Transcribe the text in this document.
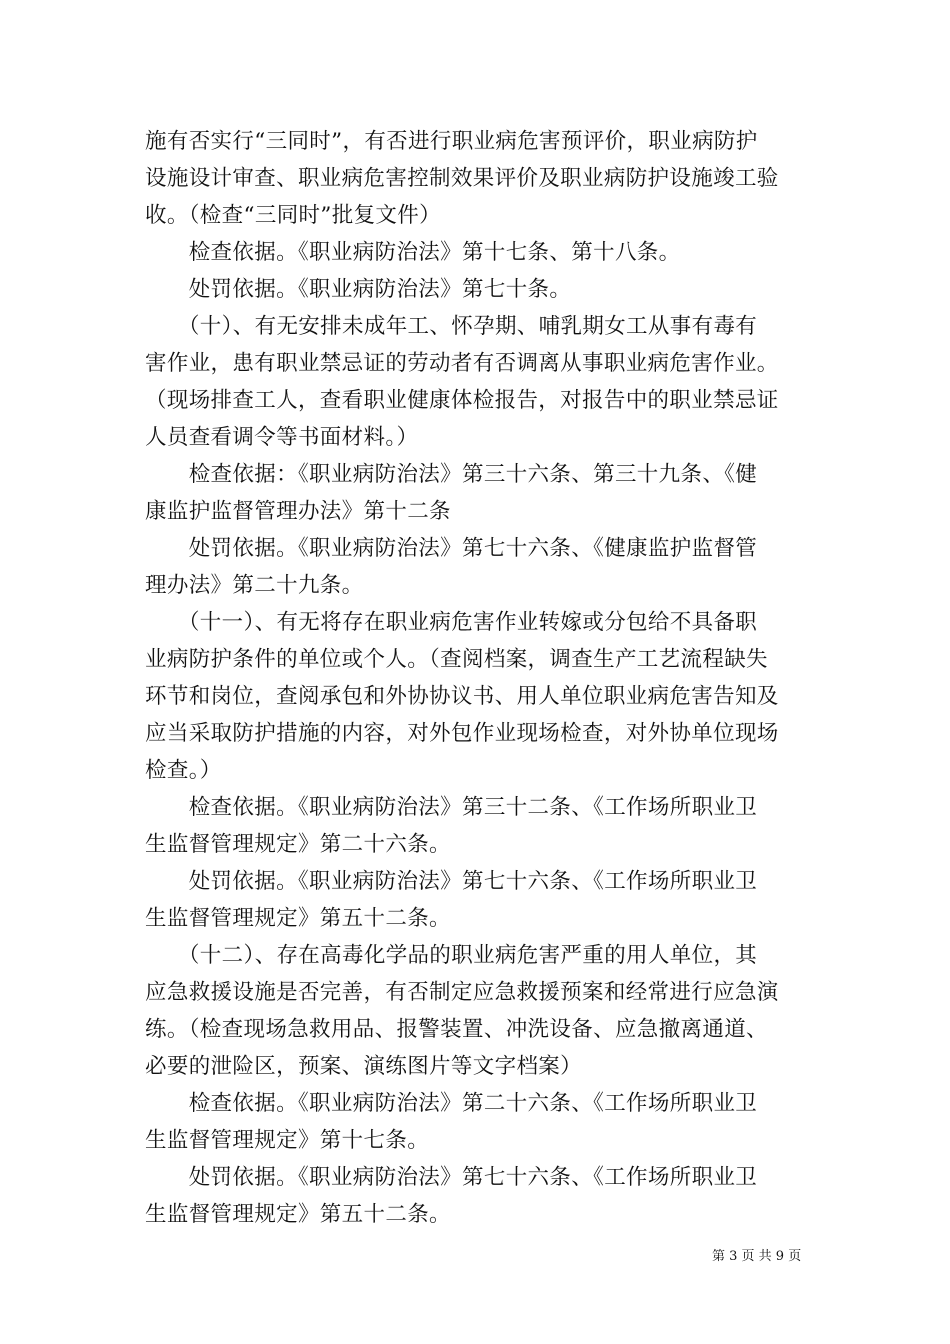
施有否实行“三同时”，有否进行职业病危害预评价，职业病防护
设施设计审查、职业病危害控制效果评价及职业病防护设施竣工验
收。（检查“三同时”批复文件）
　　检查依据。《职业病防治法》第十七条、第十八条。
　　处罚依据。《职业病防治法》第七十条。
　　（十）、有无安排未成年工、怀孕期、哺乳期女工从事有毒有
害作业，患有职业禁忌证的劳动者有否调离从事职业病危害作业。
（现场排查工人，查看职业健康体检报告，对报告中的职业禁忌证
人员查看调令等书面材料。）
　　检查依据：《职业病防治法》第三十六条、第三十九条、《健
康监护监督管理办法》第十二条
　　处罚依据。《职业病防治法》第七十六条、《健康监护监督管
理办法》第二十九条。
　　（十一）、有无将存在职业病危害作业转嫁或分包给不具备职
业病防护条件的单位或个人。（查阅档案，调查生产工艺流程缺失
环节和岗位，查阅承包和外协协议书、用人单位职业病危害告知及
应当采取防护措施的内容，对外包作业现场检查，对外协单位现场
检查。）
　　检查依据。《职业病防治法》第三十二条、《工作场所职业卫
生监督管理规定》第二十六条。
　　处罚依据。《职业病防治法》第七十六条、《工作场所职业卫
生监督管理规定》第五十二条。
　　（十二）、存在高毒化学品的职业病危害严重的用人单位，其
应急救援设施是否完善，有否制定应急救援预案和经常进行应急演
练。（检查现场急救用品、报警装置、冲洗设备、应急撤离通道、
必要的泄险区，预案、演练图片等文字档案）
　　检查依据。《职业病防治法》第二十六条、《工作场所职业卫
生监督管理规定》第十七条。
　　处罚依据。《职业病防治法》第七十六条、《工作场所职业卫
生监督管理规定》第五十二条。
第 3 页 共 9 页
